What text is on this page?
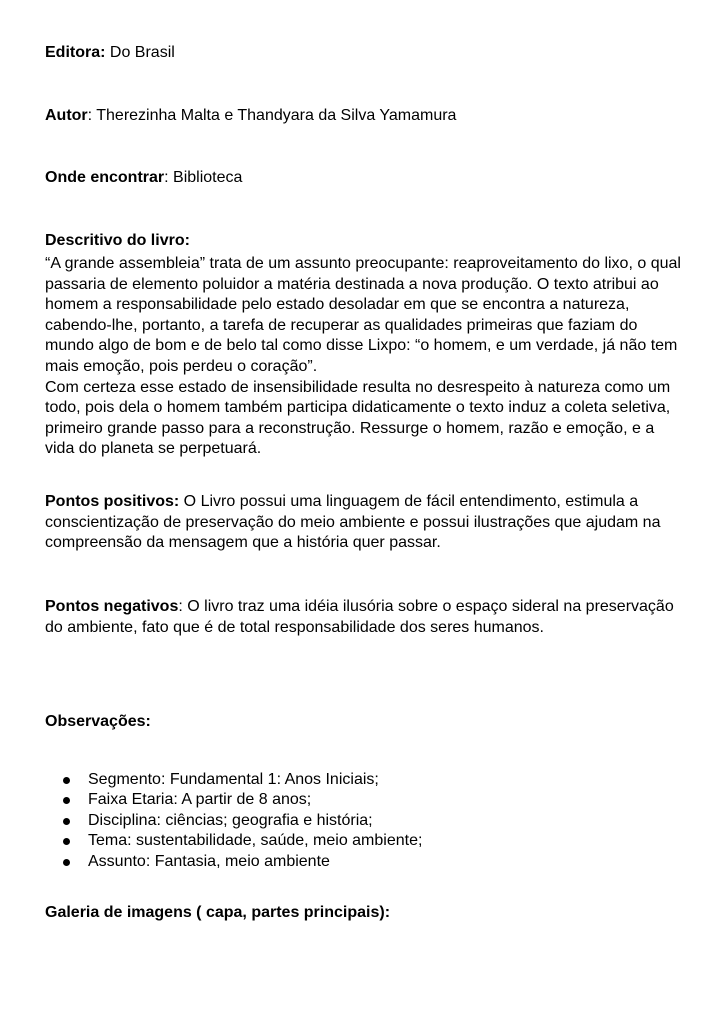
Editora: Do Brasil
Autor: Therezinha Malta e Thandyara da Silva Yamamura
Onde encontrar: Biblioteca
Descritivo do livro:

“A grande assembleia” trata de um assunto preocupante: reaproveitamento do lixo, o qual passaria de elemento poluidor a matéria destinada a nova produção. O texto atribui ao homem a responsabilidade pelo estado desoladar em que se encontra a natureza, cabendo-lhe, portanto, a tarefa de recuperar as qualidades primeiras que faziam do mundo algo de bom e de belo tal como disse Lixpo: “o homem, e um verdade, já não tem mais emoção, pois perdeu o coração”.

Com certeza esse estado de insensibilidade resulta no desrespeito à natureza como um todo, pois dela o homem também participa didaticamente o texto induz a coleta seletiva, primeiro grande passo para a reconstrução. Ressurge o homem, razão e emoção, e a vida do planeta se perpetuará.

Pontos positivos: O Livro possui uma linguagem de fácil entendimento, estimula a conscientização de preservação do meio ambiente e possui ilustrações que ajudam na compreensão da mensagem que a história quer passar.
Pontos negativos: O livro traz uma idéia ilusória sobre o espaço sideral na preservação do ambiente, fato que é de total responsabilidade dos seres humanos.
Observações:
Segmento: Fundamental 1: Anos Iniciais;
Faixa Etaria: A partir de 8 anos;
Disciplina: ciências; geografia e história;
Tema: sustentabilidade, saúde, meio ambiente;
Assunto: Fantasia, meio ambiente
Galeria de imagens ( capa, partes principais):
